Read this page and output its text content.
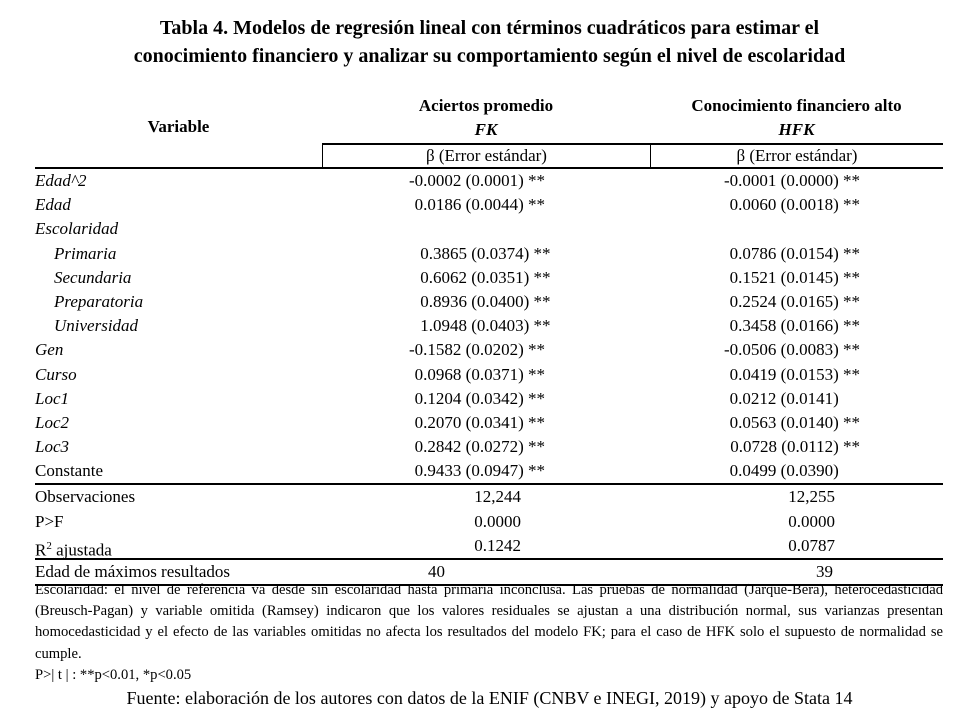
Tabla 4. Modelos de regresión lineal con términos cuadráticos para estimar el
conocimiento financiero y analizar su comportamiento según el nivel de escolaridad
Variable
Aciertos promedio
FK
Conocimiento financiero alto
HFK
β (Error estándar)	β (Error estándar)
Edad^2	-0.0002 (0.0001) **	-0.0001 (0.0000) **
Edad	0.0186 (0.0044) **	0.0060 (0.0018) **
Escolaridad
Primaria	0.3865 (0.0374) **	0.0786 (0.0154) **
Secundaria	0.6062 (0.0351) **	0.1521 (0.0145) **
Preparatoria	0.8936 (0.0400) **	0.2524 (0.0165) **
Universidad	1.0948 (0.0403) **	0.3458 (0.0166) **
Gen	-0.1582 (0.0202) **	-0.0506 (0.0083) **
Curso	0.0968 (0.0371) **	0.0419 (0.0153) **
Loc1	0.1204 (0.0342) **	0.0212 (0.0141)
Loc2	0.2070 (0.0341) **	0.0563 (0.0140) **
Loc3	0.2842 (0.0272) **	0.0728 (0.0112) **
Constante	0.9433 (0.0947) **	0.0499 (0.0390)
Observaciones	12,244	12,255
P>F	0.0000	0.0000
$R^2$ ajustada	0.1242	0.0787
Edad de máximos resultados	40	39
Escolaridad: el nivel de referencia va desde sin escolaridad hasta primaria inconclusa. Las pruebas de normalidad (Jarque-Bera), heterocedasticidad (Breusch-Pagan) y variable omitida (Ramsey) indicaron que los valores residuales se ajustan a una distribución normal, sus varianzas presentan homocedasticidad y el efecto de las variables omitidas no afecta los resultados del modelo FK; para el caso de HFK solo el supuesto de normalidad se cumple.
P>| t | : **p<0.01, *p<0.05
Fuente: elaboración de los autores con datos de la ENIF (CNBV e INEGI, 2019) y apoyo de Stata 14
